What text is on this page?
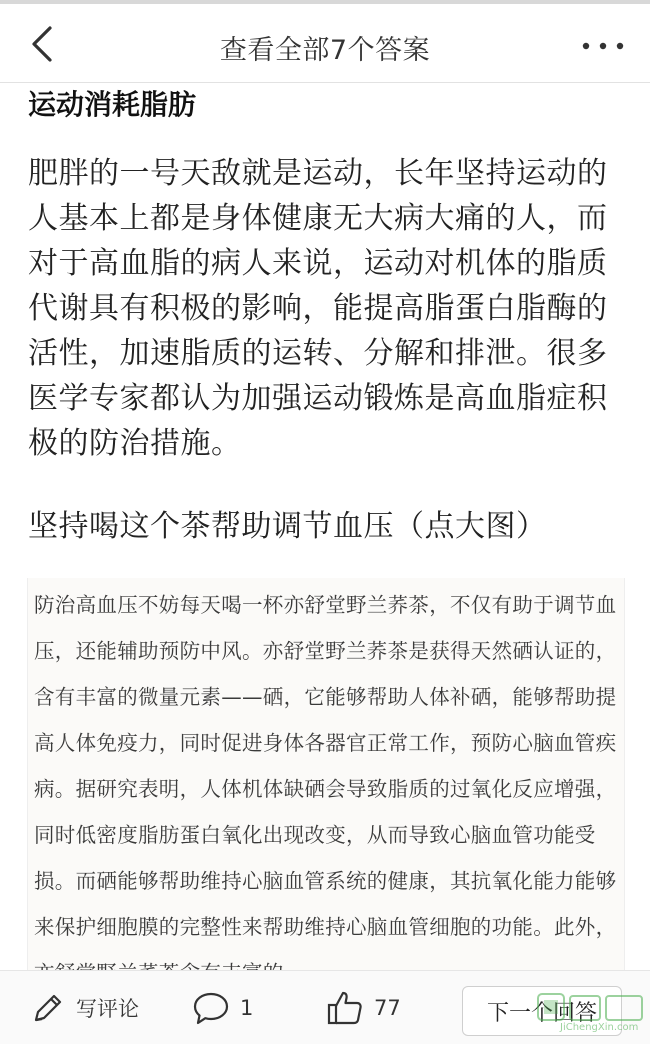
查看全部7个答案
运动消耗脂肪
肥胖的一号天敌就是运动，长年坚持运动的人基本上都是身体健康无大病大痛的人，而对于高血脂的病人来说，运动对机体的脂质代谢具有积极的影响，能提高脂蛋白脂酶的活性，加速脂质的运转、分解和排泄。很多医学专家都认为加强运动锻炼是高血脂症积极的防治措施。
坚持喝这个茶帮助调节血压（点大图）
防治高血压不妨每天喝一杯亦舒堂野兰荞茶，不仅有助于调节血压，还能辅助预防中风。亦舒堂野兰荞茶是获得天然硒认证的，含有丰富的微量元素——硒，它能够帮助人体补硒，能够帮助提高人体免疫力，同时促进身体各器官正常工作，预防心脑血管疾病。据研究表明，人体机体缺硒会导致脂质的过氧化反应增强，同时低密度脂肪蛋白氧化出现改变，从而导致心脑血管功能受损。而硒能够帮助维持心脑血管系统的健康，其抗氧化能力能够来保护细胞膜的完整性来帮助维持心脑血管细胞的功能。此外，
写评论	1	77	下一个回答
JiChengXin.com
